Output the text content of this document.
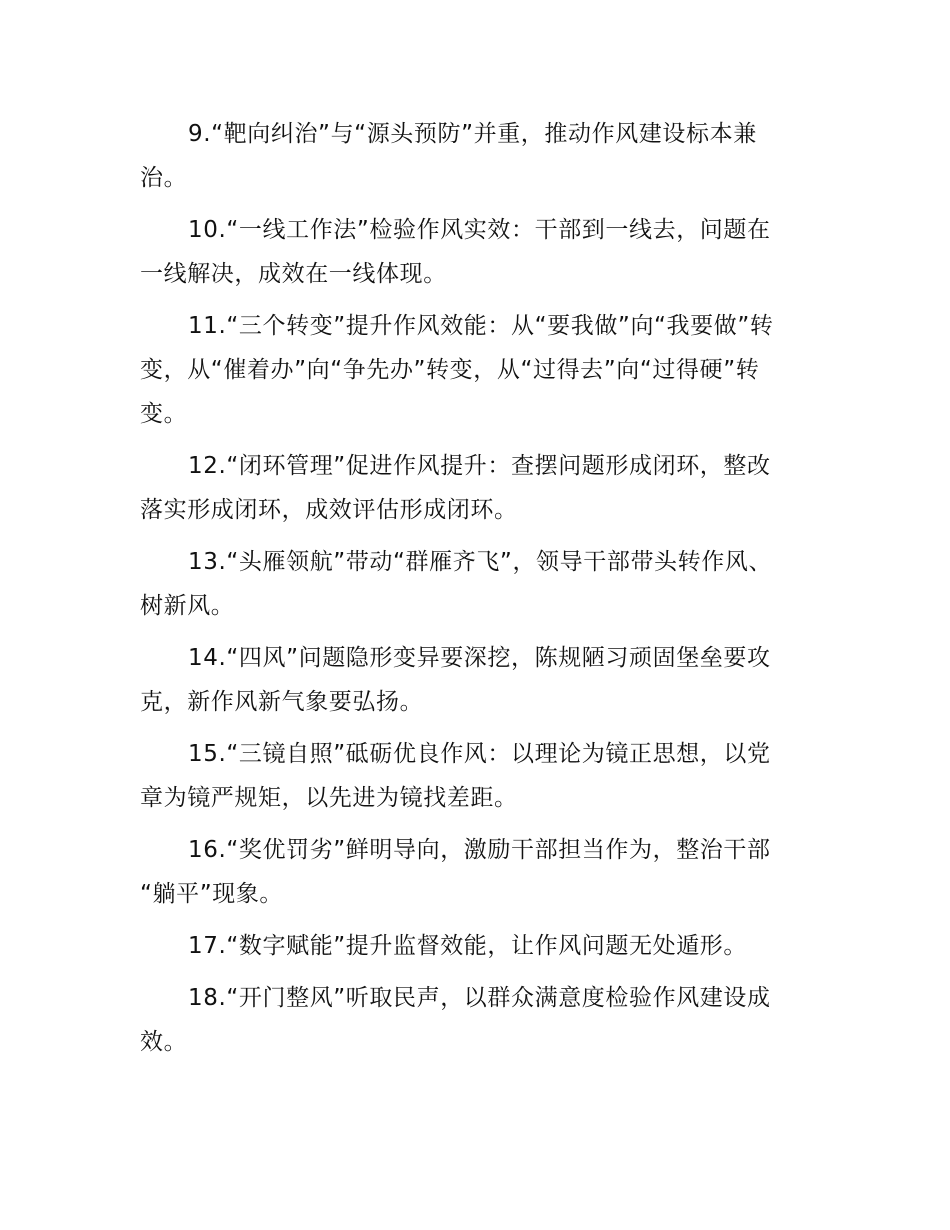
9.“靶向纠治”与“源头预防”并重，推动作风建设标本兼
治。
10.“一线工作法”检验作风实效：干部到一线去，问题在
一线解决，成效在一线体现。
11.“三个转变”提升作风效能：从“要我做”向“我要做”转
变，从“催着办”向“争先办”转变，从“过得去”向“过得硬”转
变。
12.“闭环管理”促进作风提升：查摆问题形成闭环，整改
落实形成闭环，成效评估形成闭环。
13.“头雁领航”带动“群雁齐飞”，领导干部带头转作风、
树新风。
14.“四风”问题隐形变异要深挖，陈规陋习顽固堡垒要攻
克，新作风新气象要弘扬。
15.“三镜自照”砥砺优良作风：以理论为镜正思想，以党
章为镜严规矩，以先进为镜找差距。
16.“奖优罚劣”鲜明导向，激励干部担当作为，整治干部
“躺平”现象。
17.“数字赋能”提升监督效能，让作风问题无处遁形。
18.“开门整风”听取民声，以群众满意度检验作风建设成
效。
